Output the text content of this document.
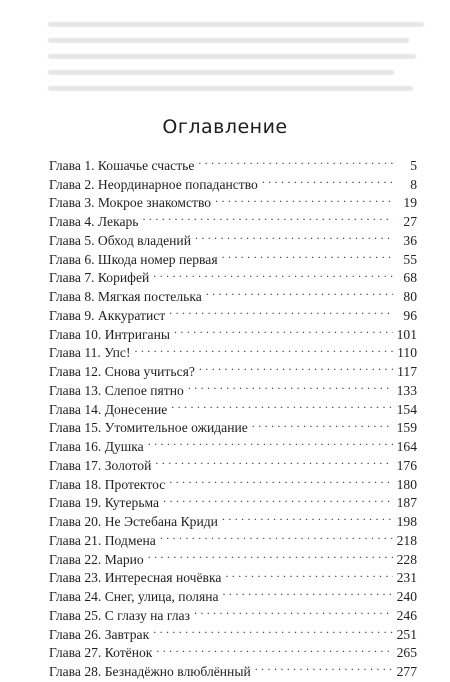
Оглавление
Глава 1. Кошачье счастье . . .	5
Глава 2. Неординарное попаданство . . .	8
Глава 3. Мокрое знакомство . . .	19
Глава 4. Лекарь . . .	27
Глава 5. Обход владений . . .	36
Глава 6. Шкода номер первая . . .	55
Глава 7. Корифей . . .	68
Глава 8. Мягкая постелька . . .	80
Глава 9. Аккуратист . . .	96
Глава 10. Интриганы . . .	101
Глава 11. Упс! . . .	110
Глава 12. Снова учиться? . . .	117
Глава 13. Слепое пятно . . .	133
Глава 14. Донесение . . .	154
Глава 15. Утомительное ожидание . . .	159
Глава 16. Душка . . .	164
Глава 17. Золотой . . .	176
Глава 18. Протектос . . .	180
Глава 19. Кутерьма . . .	187
Глава 20. Не Эстебана Криди . . .	198
Глава 21. Подмена . . .	218
Глава 22. Марио . . .	228
Глава 23. Интересная ночёвка . . .	231
Глава 24. Снег, улица, поляна . . .	240
Глава 25. С глазу на глаз . . .	246
Глава 26. Завтрак . . .	251
Глава 27. Котёнок . . .	265
Глава 28. Безнадёжно влюблённый . . .	277
